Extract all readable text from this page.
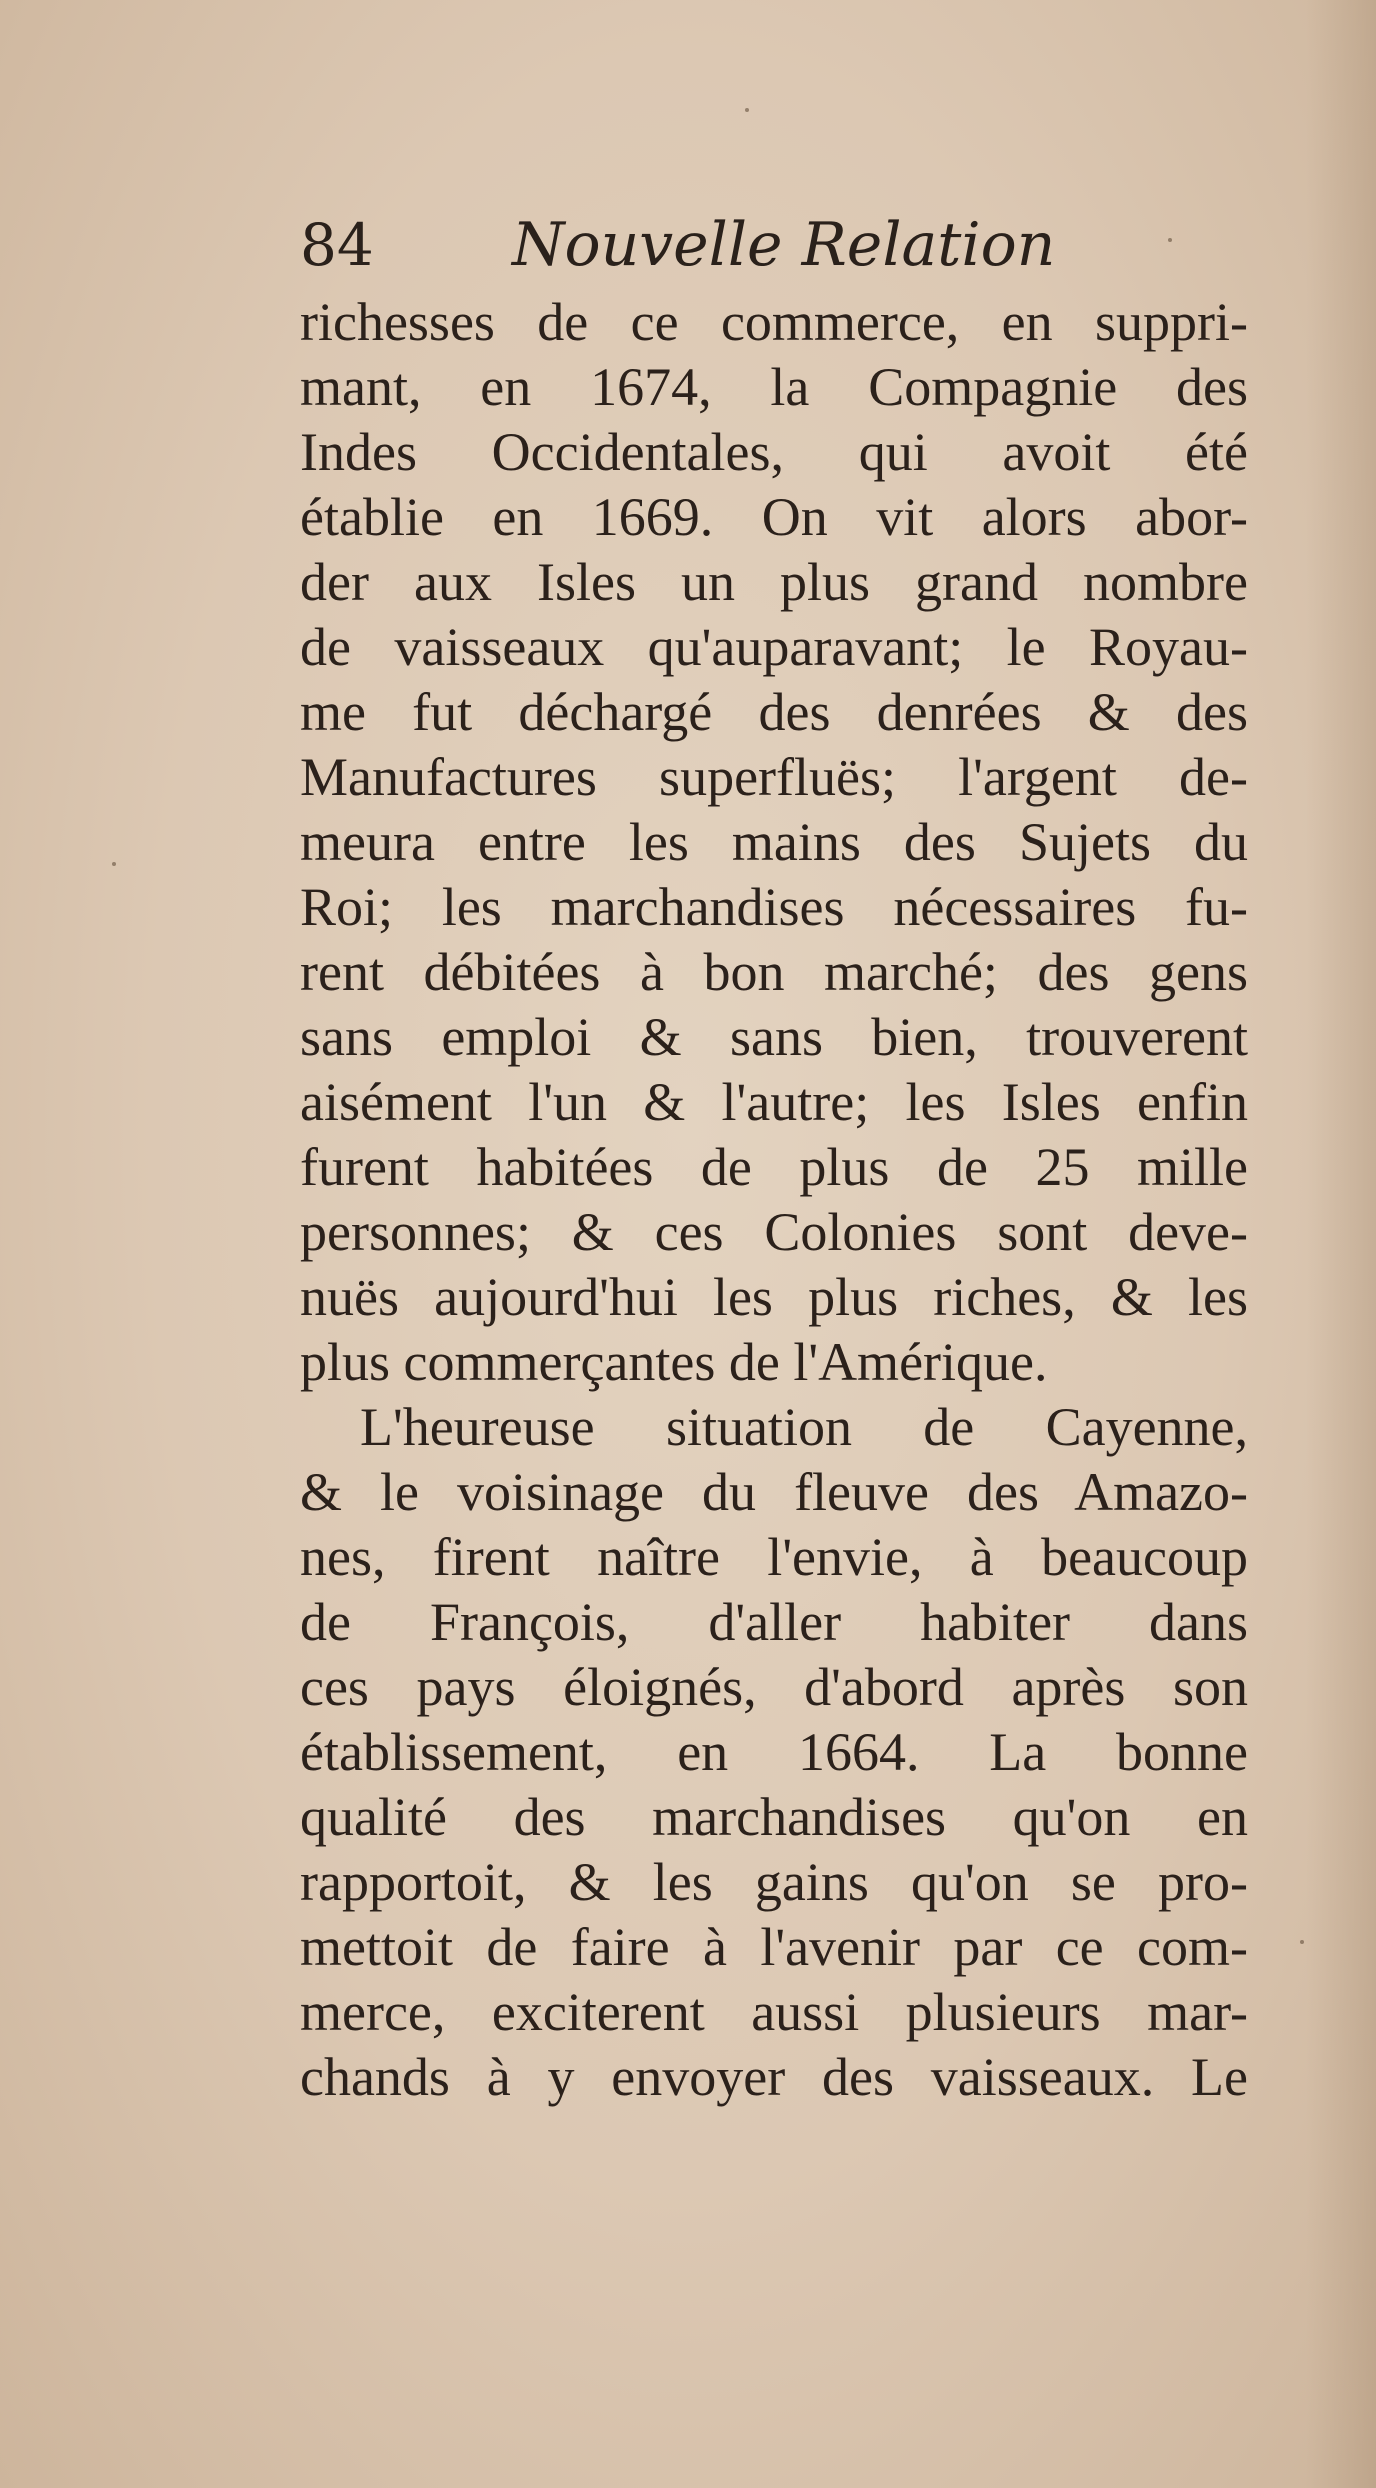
84 Nouvelle Relation
richesses de ce commerce, en suppri-
mant, en 1674, la Compagnie des
Indes Occidentales, qui avoit été
établie en 1669. On vit alors abor-
der aux Isles un plus grand nombre
de vaisseaux qu'auparavant; le Royau-
me fut déchargé des denrées & des
Manufactures superfluës; l'argent de-
meura entre les mains des Sujets du
Roi; les marchandises nécessaires fu-
rent débitées à bon marché; des gens
sans emploi & sans bien, trouverent
aisément l'un & l'autre; les Isles enfin
furent habitées de plus de 25 mille
personnes; & ces Colonies sont deve-
nuës aujourd'hui les plus riches, & les
plus commerçantes de l'Amérique.
L'heureuse situation de Cayenne,
& le voisinage du fleuve des Amazo-
nes, firent naître l'envie, à beaucoup
de François, d'aller habiter dans
ces pays éloignés, d'abord après son
établissement, en 1664. La bonne
qualité des marchandises qu'on en
rapportoit, & les gains qu'on se pro-
mettoit de faire à l'avenir par ce com-
merce, exciterent aussi plusieurs mar-
chands à y envoyer des vaisseaux. Le
